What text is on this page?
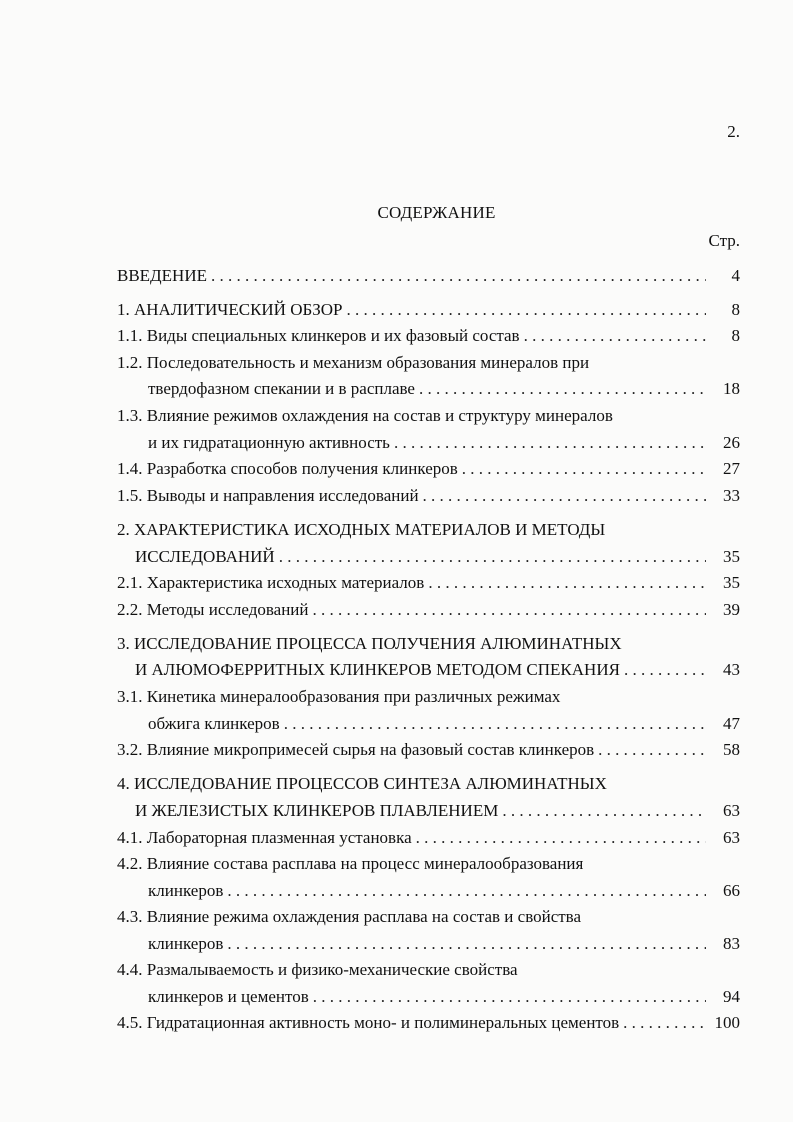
2.
СОДЕРЖАНИЕ
Стр.
ВВЕДЕНИЕ . . .	4
1. АНАЛИТИЧЕСКИЙ ОБЗОР . . .	8
1.1. Виды специальных клинкеров и их фазовый состав . . .	8
1.2. Последовательность и механизм образования минералов при
твердофазном спекании и в расплаве . . .	18
1.3. Влияние режимов охлаждения на состав и структуру минералов
и их гидратационную активность . . .	26
1.4. Разработка способов получения клинкеров . . .	27
1.5. Выводы и направления исследований . . .	33
2. ХАРАКТЕРИСТИКА ИСХОДНЫХ МАТЕРИАЛОВ И МЕТОДЫ
ИССЛЕДОВАНИЙ . . .	35
2.1. Характеристика исходных материалов . . .	35
2.2. Методы исследований . . .	39
3. ИССЛЕДОВАНИЕ ПРОЦЕССА ПОЛУЧЕНИЯ АЛЮМИНАТНЫХ
И АЛЮМОФЕРРИТНЫХ КЛИНКЕРОВ МЕТОДОМ СПЕКАНИЯ . . .	43
3.1. Кинетика минералообразования при различных режимах
обжига клинкеров . . .	47
3.2. Влияние микропримесей сырья на фазовый состав клинкеров . . .	58
4. ИССЛЕДОВАНИЕ ПРОЦЕССОВ СИНТЕЗА АЛЮМИНАТНЫХ
И ЖЕЛЕЗИСТЫХ КЛИНКЕРОВ ПЛАВЛЕНИЕМ . . .	63
4.1. Лабораторная плазменная установка . . .	63
4.2. Влияние состава расплава на процесс минералообразования
клинкеров . . .	66
4.3. Влияние режима охлаждения расплава на состав и свойства
клинкеров . . .	83
4.4. Размалываемость и физико-механические свойства
клинкеров и цементов . . .	94
4.5. Гидратационная активность моно- и полиминеральных цементов . . .	100
